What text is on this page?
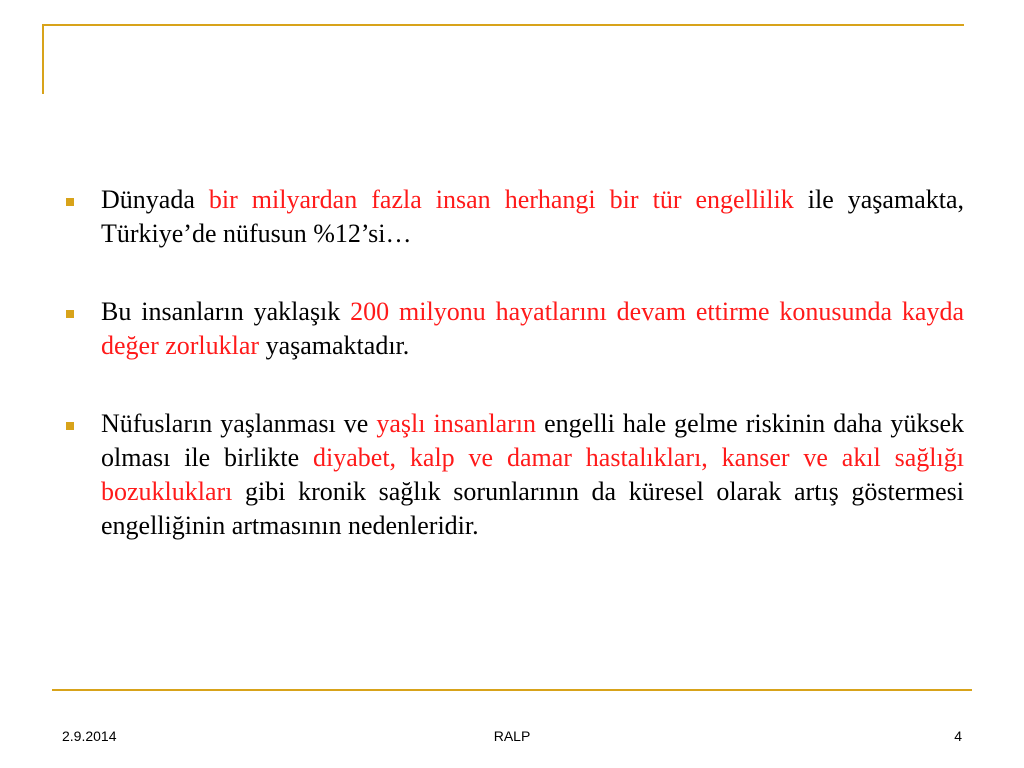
Dünyada bir milyardan fazla insan herhangi bir tür engellilik ile yaşamakta, Türkiye’de nüfusun %12’si…

Bu insanların yaklaşık 200 milyonu hayatlarını devam ettirme konusunda kayda değer zorluklar yaşamaktadır.

Nüfusların yaşlanması ve yaşlı insanların engelli hale gelme riskinin daha yüksek olması ile birlikte diyabet, kalp ve damar hastalıkları, kanser ve akıl sağlığı bozuklukları gibi kronik sağlık sorunlarının da küresel olarak artış göstermesi engelliğinin artmasının nedenleridir.

2.9.2014	RALP	4
